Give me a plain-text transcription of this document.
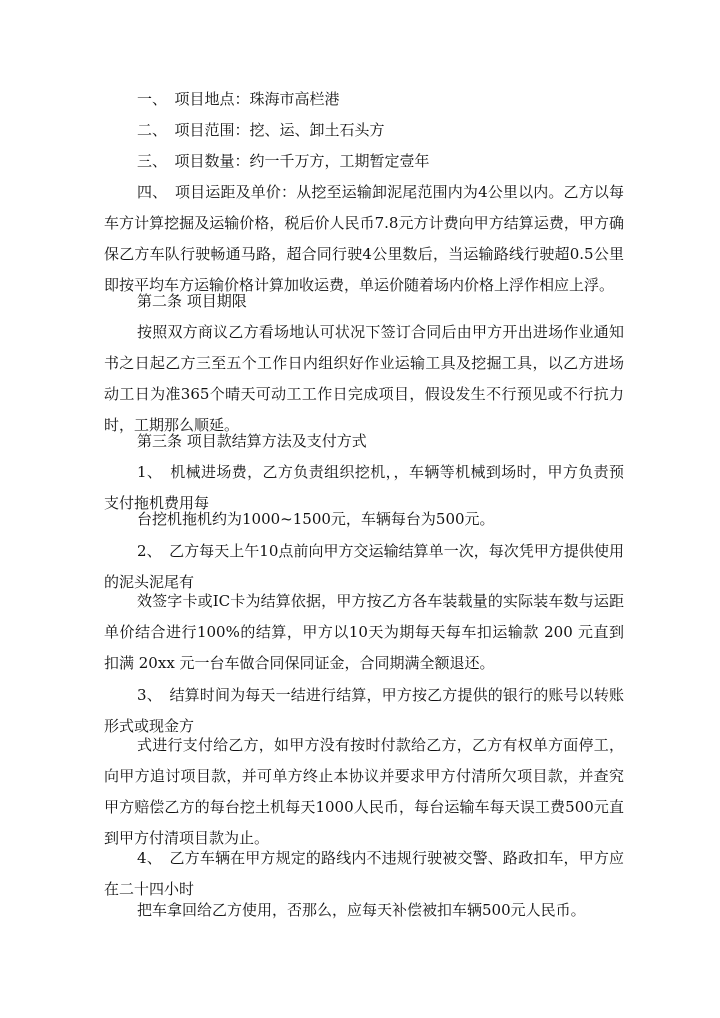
一、　项目地点：珠海市高栏港

二、　项目范围：挖、运、卸土石头方

三、　项目数量：约一千万方，工期暂定壹年

四、　项目运距及单价：从挖至运输卸泥尾范围内为4公里以内。乙方以每车方计算挖掘及运输价格，税后价人民币7.8元方计费向甲方结算运费，甲方确保乙方车队行驶畅通马路，超合同行驶4公里数后，当运输路线行驶超0.5公里即按平均车方运输价格计算加收运费，单运价随着场内价格上浮作相应上浮。

第二条 项目期限

按照双方商议乙方看场地认可状况下签订合同后由甲方开出进场作业通知书之日起乙方三至五个工作日内组织好作业运输工具及挖掘工具，以乙方进场动工日为准365个晴天可动工工作日完成项目，假设发生不行预见或不行抗力时，工期那么顺延。

第三条 项目款结算方法及支付方式

1、　机械进场费，乙方负责组织挖机，，车辆等机械到场时，甲方负责预支付拖机费用每

台挖机拖机约为1000~1500元，车辆每台为500元。

2、　乙方每天上午10点前向甲方交运输结算单一次，每次凭甲方提供使用的泥头泥尾有

效签字卡或IC卡为结算依据，甲方按乙方各车装载量的实际装车数与运距单价结合进行100%的结算，甲方以10天为期每天每车扣运输款 200 元直到扣满 20xx 元一台车做合同保同证金，合同期满全额退还。

3、　结算时间为每天一结进行结算，甲方按乙方提供的银行的账号以转账形式或现金方

式进行支付给乙方，如甲方没有按时付款给乙方，乙方有权单方面停工，向甲方追讨项目款，并可单方终止本协议并要求甲方付清所欠项目款，并查究甲方赔偿乙方的每台挖土机每天1000人民币，每台运输车每天误工费500元直到甲方付清项目款为止。

4、　乙方车辆在甲方规定的路线内不违规行驶被交警、路政扣车，甲方应在二十四小时

把车拿回给乙方使用，否那么，应每天补偿被扣车辆500元人民币。
